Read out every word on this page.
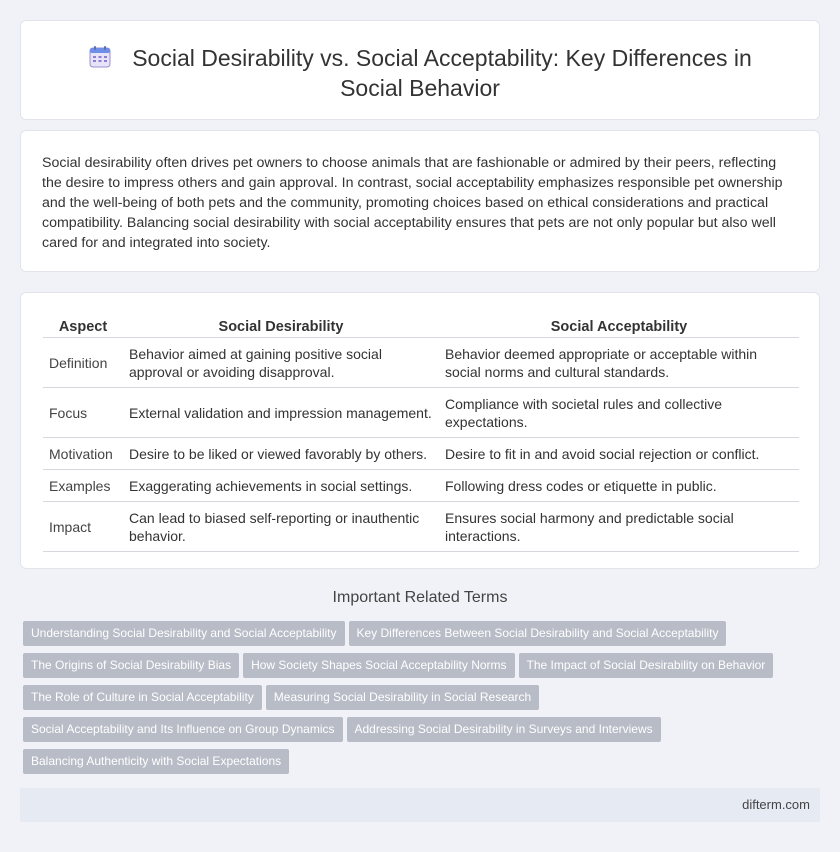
Social Desirability vs. Social Acceptability: Key Differences in Social Behavior
Social desirability often drives pet owners to choose animals that are fashionable or admired by their peers, reflecting the desire to impress others and gain approval. In contrast, social acceptability emphasizes responsible pet ownership and the well-being of both pets and the community, promoting choices based on ethical considerations and practical compatibility. Balancing social desirability with social acceptability ensures that pets are not only popular but also well cared for and integrated into society.
Aspect	Social Desirability	Social Acceptability
Definition	Behavior aimed at gaining positive social approval or avoiding disapproval.	Behavior deemed appropriate or acceptable within social norms and cultural standards.
Focus	External validation and impression management.	Compliance with societal rules and collective expectations.
Motivation	Desire to be liked or viewed favorably by others.	Desire to fit in and avoid social rejection or conflict.
Examples	Exaggerating achievements in social settings.	Following dress codes or etiquette in public.
Impact	Can lead to biased self-reporting or inauthentic behavior.	Ensures social harmony and predictable social interactions.
Important Related Terms
Understanding Social Desirability and Social Acceptability Key Differences Between Social Desirability and Social Acceptability
The Origins of Social Desirability Bias How Society Shapes Social Acceptability Norms The Impact of Social Desirability on Behavior
The Role of Culture in Social Acceptability Measuring Social Desirability in Social Research
Social Acceptability and Its Influence on Group Dynamics Addressing Social Desirability in Surveys and Interviews
Balancing Authenticity with Social Expectations
difterm.com
